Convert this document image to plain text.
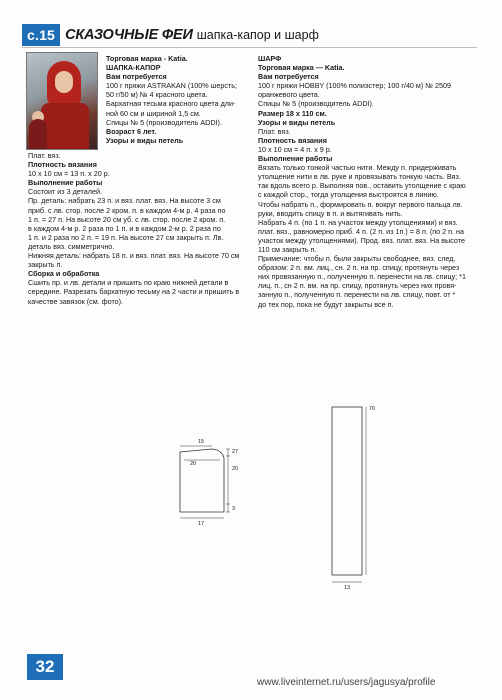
с.15 СКАЗОЧНЫЕ ФЕИ шапка-капор и шарф
Торговая марка - Katia.
ШАПКА-КАПОР
Вам потребуется
100 г пряжи ASTRAKAN (100% шерсть;
50 г/50 м) № 4 красного цвета.
Бархатная тесьма красного цвета дли-
ной 60 см и шириной 1,5 см.
Спицы № 5 (производитель ADDI).
Возраст 6 лет.
Узоры и виды петель
Плат. вяз.
Плотность вязания
10 х 10 см = 13 п. х 20 р.
Выполнение работы
Состоит из 3 деталей.
Пр. деталь: набрать 23 п. и вяз. плат. вяз. На высоте 3 см
приб. с лв. стор. после 2 кром. п. в каждом 4-м р. 4 раза по
1 п. = 27 п. На высоте 20 см уб. с лв. стор. после 2 кром. п.
в каждом 4-м р. 2 раза по 1 п. и в каждом 2-м р. 2 раза по
1 п. и 2 раза по 2 п. = 19 п. На высоте 27 см закрыть п. Лв.
деталь вяз. симметрично.
Нижняя деталь: набрать 18 п. и вяз. плат. вяз. На высоте 70 см
закрыть п.
Сборка и обработка
Сшить пр. и лв. детали и пришить по краю нижней детали в
середине. Разрезать бархатную тесьму на 2 части и пришить в
качестве завязок (см. фото).
ШАРФ
Торговая марка — Katia.
Вам потребуется
100 г пряжи HOBBY (100% полиэстер; 100 г/40 м) № 2509
оранжевого цвета.
Спицы № 5 (производитель ADDI).
Размер 18 х 110 см.
Узоры и виды петель
Плат. вяз.
Плотность вязания
10 х 10 см = 4 п. х 9 р.
Выполнение работы
Вязать только тонкой частью нити. Между п. придерживать
утолщение нити в лв. руке и провязывать тонкую часть. Вяз.
так вдоль всего р. Выполняя пов., оставить утолщение с краю
с каждой стор., тогда утолщения выстроятся в линию.
Чтобы набрать п., формировать п. вокруг первого пальца лв.
руки, вводить спицу в п. и вытягивать нить.
Набрать 4 п. (по 1 п. на участок между утолщениями) и вяз.
плат. вяз., равномерно приб. 4 п. (2 п. из 1п.) = 8 п. (по 2 п. на
участок между утолщениями). Прод. вяз. плат. вяз. На высоте
110 см закрыть п.
Примечание: чтобы п. были закрыты свободнее, вяз. след.
образом: 2 п. вм. лиц., сн. 2 п. на пр. спицу, протянуть через
них провязанную п., полученную п. перенести на лв. спицу; *1
лиц. п., сн 2 п. вм. на пр. спицу, протянуть через них провя-
занную п., полученную п. перенести на лв. спицу, повт. от *
до тех пор, пока не будут закрыты все п.
15
20
17
27
20
3
70
13
32
www.liveinternet.ru/users/jagusya/profile
